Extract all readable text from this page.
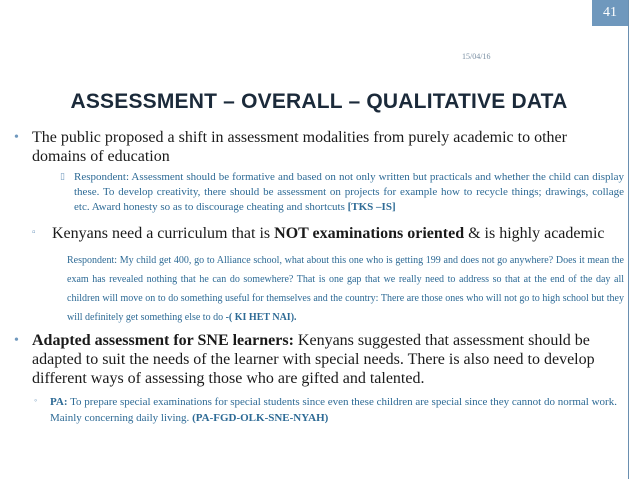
41
15/04/16
ASSESSMENT – OVERALL – QUALITATIVE DATA
• The public proposed a shift in assessment modalities from purely academic to other domains of education
▯ Respondent: Assessment should be formative and based on not only written but practicals and whether the child can display these. To develop creativity, there should be assessment on projects for example how to recycle things; drawings, collage etc. Award honesty so as to discourage cheating and shortcuts [TKS –IS]
▫ Kenyans need a curriculum that is NOT examinations oriented & is highly academic
Respondent: My child get 400, go to Alliance school, what about this one who is getting 199 and does not go anywhere? Does it mean the exam has revealed nothing that he can do somewhere? That is one gap that we really need to address so that at the end of the day all children will move on to do something useful for themselves and the country: There are those ones who will not go to high school but they will definitely get something else to do -( KI HET NAI).
• Adapted assessment for SNE learners: Kenyans suggested that assessment should be adapted to suit the needs of the learner with special needs. There is also need to develop different ways of assessing those who are gifted and talented.
◦ PA: To prepare special examinations for special students since even these children are special since they cannot do normal work. Mainly concerning daily living. (PA-FGD-OLK-SNE-NYAH)
